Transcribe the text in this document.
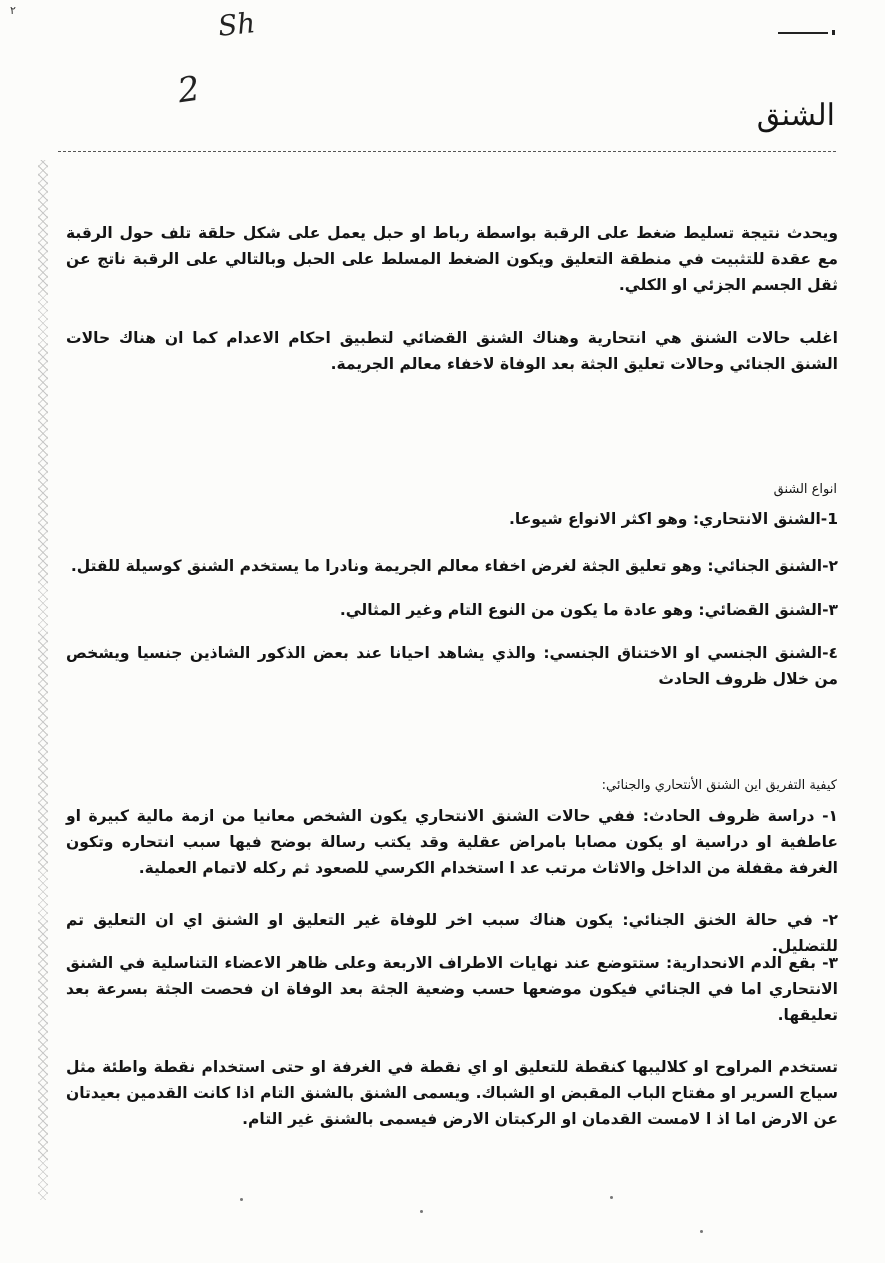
٢	Sh
2
الشنق

ويحدث نتيجة تسليط ضغط على الرقبة بواسطة رباط او حبل يعمل على شكل حلقة تلف حول الرقبة مع عقدة للتثبيت في منطقة التعليق ويكون الضغط المسلط على الحبل وبالتالي على الرقبة ناتج عن ثقل الجسم الجزئي او الكلي.

اغلب حالات الشنق هي انتحارية وهناك الشنق القضائي لتطبيق احكام الاعدام كما ان هناك حالات الشنق الجنائي وحالات تعليق الجثة بعد الوفاة لاخفاء معالم الجريمة.

انواع الشنق

1-الشنق الانتحاري: وهو اكثر الانواع شيوعا.

٢-الشنق الجنائي: وهو تعليق الجثة لغرض اخفاء معالم الجريمة ونادرا ما يستخدم الشنق كوسيلة للقتل.

٣-الشنق القضائي: وهو عادة ما يكون من النوع التام وغير المثالي.

٤-الشنق الجنسي او الاختناق الجنسي: والذي يشاهد احيانا عند بعض الذكور الشاذين جنسيا ويشخص من خلال ظروف الحادث

كيفية التفريق اين الشنق الأنتحاري والجنائي:

١- دراسة ظروف الحادث: ففي حالات الشنق الانتحاري يكون الشخص معانيا من ازمة مالية كبيرة او عاطفية او دراسية او يكون مصابا بامراض عقلية وقد يكتب رسالة بوضح فيها سبب انتحاره وتكون الغرفة مقفلة من الداخل والاثاث مرتب عد ا استخدام الكرسي للصعود ثم ركله لاتمام العملية.

٢- في حالة الخنق الجنائي: يكون هناك سبب اخر للوفاة غير التعليق او الشنق اي ان التعليق تم للتضليل.

٣- بقع الدم الانحدارية: ستتوضع عند نهايات الاطراف الاربعة وعلى ظاهر الاعضاء التناسلية في الشنق الانتحاري اما في الجنائي فيكون موضعها حسب وضعية الجثة بعد الوفاة ان فحصت الجثة بسرعة بعد تعليقها.

تستخدم المراوح او كلاليبها كنقطة للتعليق او اي نقطة في الغرفة او حتى استخدام نقطة واطئة مثل سياج السرير او مفتاح الباب المقبض او الشباك. ويسمى الشنق بالشنق التام اذا كانت القدمين بعيدتان عن الارض اما اذ ا لامست القدمان او الركبتان الارض فيسمى بالشنق غير التام.
